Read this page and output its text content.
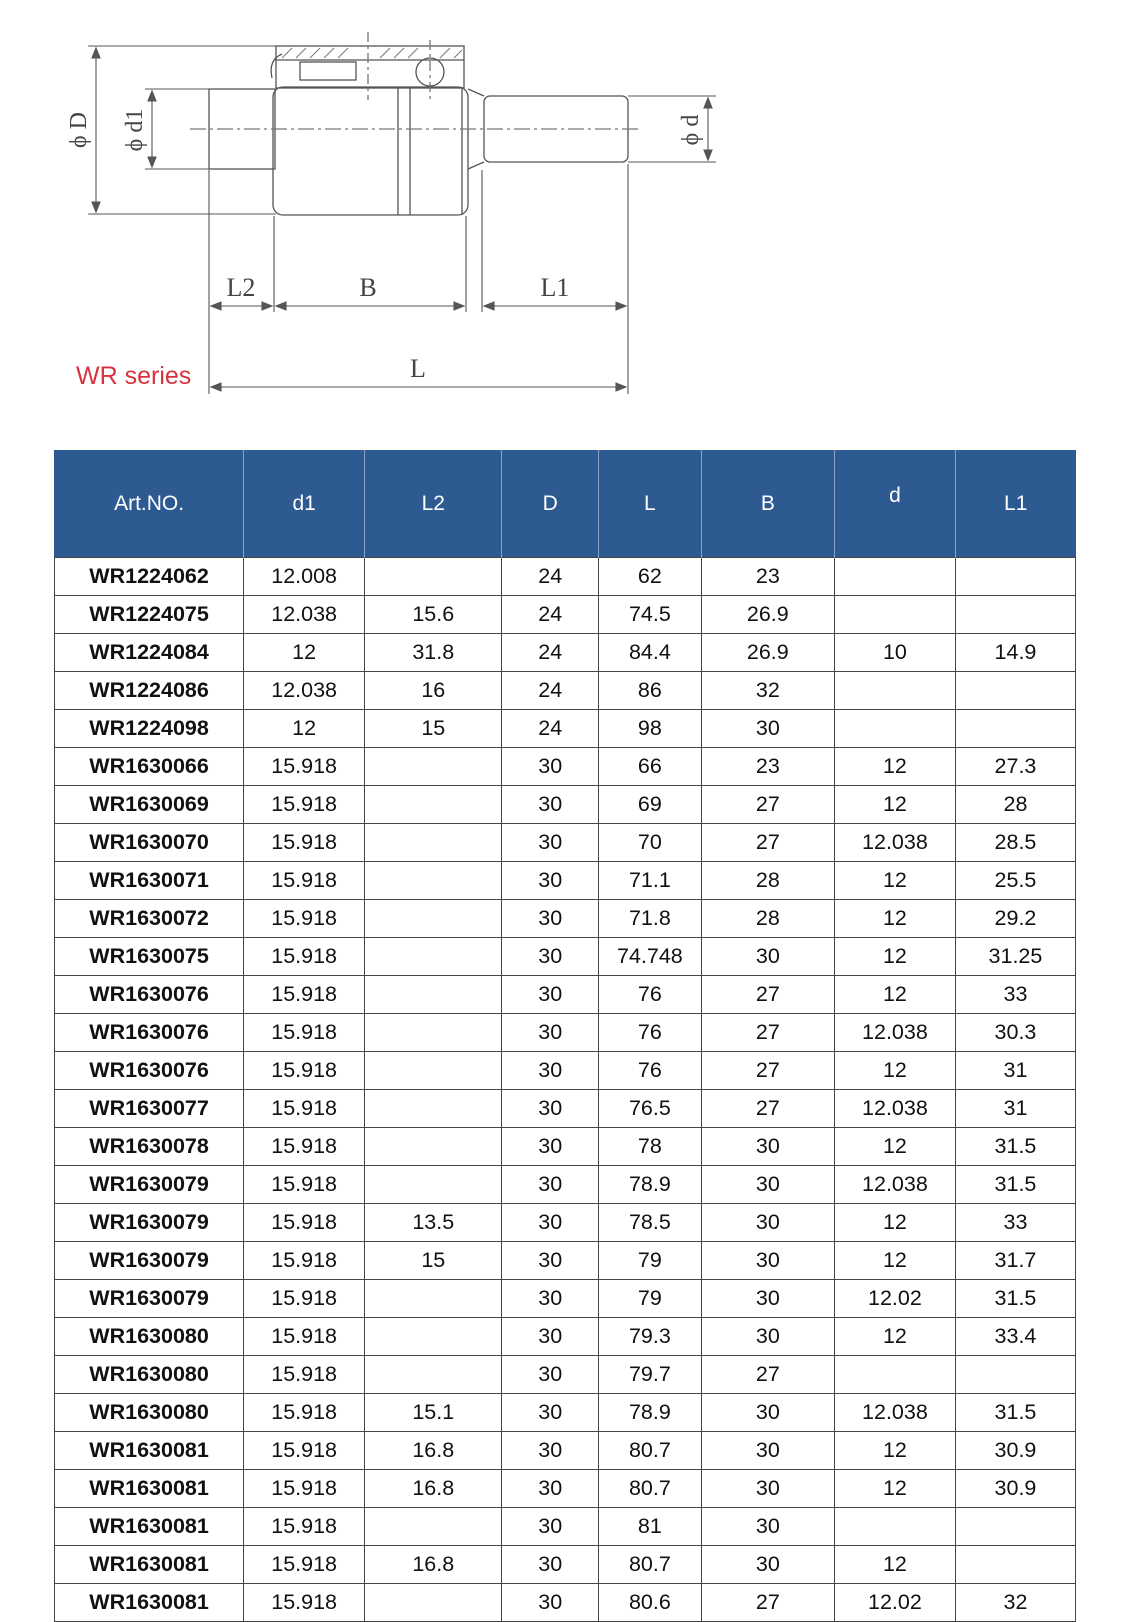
ϕ D ϕ d1	ϕ d
L2	B	L1
L
WR series
Art.NO.	d1	L2	D	L	B	d	L1
WR1224062	12.008		24	62	23		
WR1224075	12.038	15.6	24	74.5	26.9		
WR1224084	12	31.8	24	84.4	26.9	10	14.9
WR1224086	12.038	16	24	86	32		
WR1224098	12	15	24	98	30		
WR1630066	15.918		30	66	23	12	27.3
WR1630069	15.918		30	69	27	12	28
WR1630070	15.918		30	70	27	12.038	28.5
WR1630071	15.918		30	71.1	28	12	25.5
WR1630072	15.918		30	71.8	28	12	29.2
WR1630075	15.918		30	74.748	30	12	31.25
WR1630076	15.918		30	76	27	12	33
WR1630076	15.918		30	76	27	12.038	30.3
WR1630076	15.918		30	76	27	12	31
WR1630077	15.918		30	76.5	27	12.038	31
WR1630078	15.918		30	78	30	12	31.5
WR1630079	15.918		30	78.9	30	12.038	31.5
WR1630079	15.918	13.5	30	78.5	30	12	33
WR1630079	15.918	15	30	79	30	12	31.7
WR1630079	15.918		30	79	30	12.02	31.5
WR1630080	15.918		30	79.3	30	12	33.4
WR1630080	15.918		30	79.7	27		
WR1630080	15.918	15.1	30	78.9	30	12.038	31.5
WR1630081	15.918	16.8	30	80.7	30	12	30.9
WR1630081	15.918	16.8	30	80.7	30	12	30.9
WR1630081	15.918		30	81	30		
WR1630081	15.918	16.8	30	80.7	30	12	
WR1630081	15.918		30	80.6	27	12.02	32
